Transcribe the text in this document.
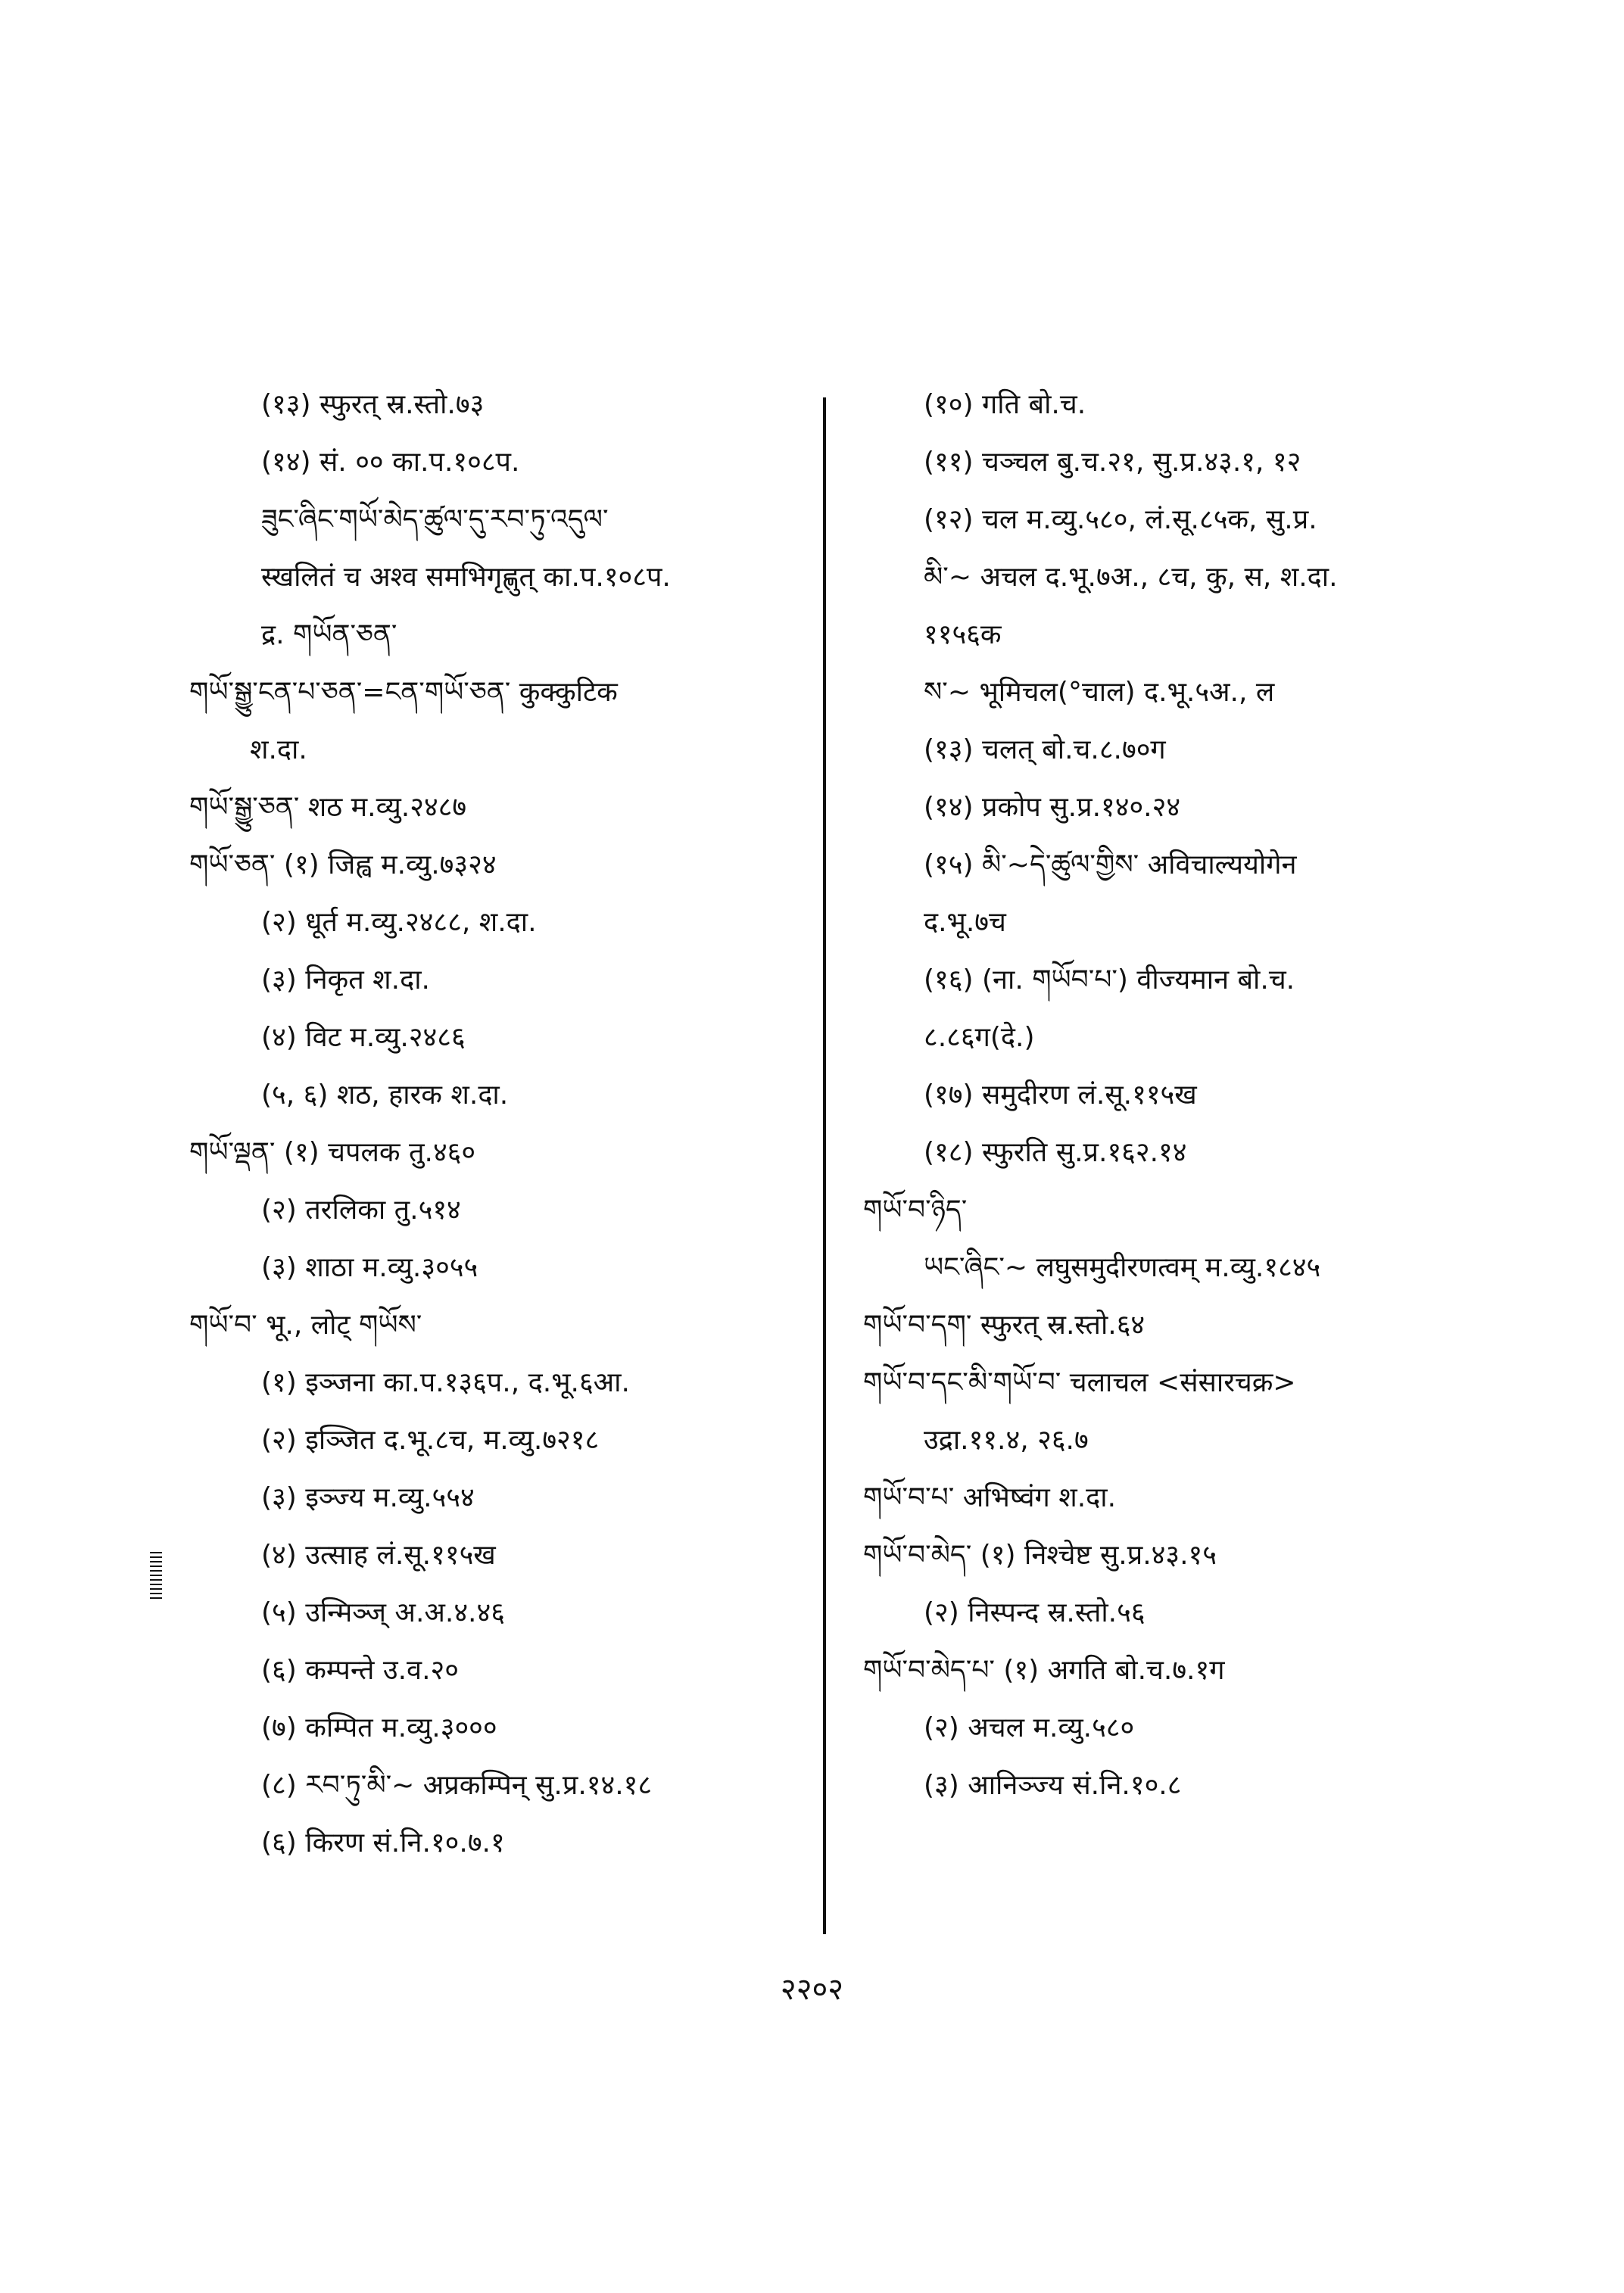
(१३) स्फुरत् स्र.स्तो.७३
(१४) सं. ०० का.प.१०८प.
ཟུང་ཞིང་གཡོ་མེད་ཚུལ་དུ་རབ་ཏུ་འདུལ་
स्खलितं च अश्व समभिगृह्णुत् का.प.१०८प.
द्र. གཡོན་ཅན་
གཡོ་སྒྱུ་ངན་པ་ཅན་=ངན་གཡོ་ཅན་ कुक्कुटिक
श.दा.
གཡོ་སྒྱུ་ཅན་ शठ म.व्यु.२४८७
གཡོ་ཅན་ (१) जिह्व म.व्यु.७३२४
(२) धूर्त म.व्यु.२४८८, श.दा.
(३) निकृत श.दा.
(४) विट म.व्यु.२४८६
(५, ६) शठ, हारक श.दा.
གཡོ་ལྡན་ (१) चपलक तु.४६०
(२) तरलिका तु.५१४
(३) शाठा म.व्यु.३०५५
གཡོ་བ་ भू., लोट् གཡོས་
(१) इञ्जना का.प.१३६प., द.भू.६आ.
(२) इञ्जित द.भू.८च, म.व्यु.७२१८
(३) इञ्ज्य म.व्यु.५५४
(४) उत्साह लं.सू.११५ख
(५) उन्मिञ्ज् अ.अ.४.४६
(६) कम्पन्ते उ.व.२०
(७) कम्पित म.व्यु.३०००
(८) རབ་ཏུ་མི་~ अप्रकम्पिन् सु.प्र.१४.१८
(६) किरण सं.नि.१०.७.१
(१०) गति बो.च.
(११) चञ्चल बु.च.२१, सु.प्र.४३.१, १२
(१२) चल म.व्यु.५८०, लं.सू.८५क, सु.प्र.
མི་~ अचल द.भू.७अ., ८च, कु, स, श.दा.
११५६क
ས་~ भूमिचल(°चाल) द.भू.५अ., ल
(१३) चलत् बो.च.८.७०ग
(१४) प्रकोप सु.प्र.१४०.२४
(१५) མི་~དེ་ཚུལ་གྱིས་ अविचाल्ययोगेन
द.भू.७च
(१६) (ना. གཡོབ་པ་) वीज्यमान बो.च.
८.८६ग(दे.)
(१७) समुदीरण लं.सू.११५ख
(१८) स्फुरति सु.प्र.१६२.१४
གཡོ་བ་ཉིད་
ཡང་ཞིང་~ लघुसमुदीरणत्वम् म.व्यु.१८४५
གཡོ་བ་དག་ स्फुरत् स्र.स्तो.६४
གཡོ་བ་དང་མི་གཡོ་བ་ चलाचल <संसारचक्र>
उद्रा.११.४, २६.७
གཡོ་བ་པ་ अभिष्वंग श.दा.
གཡོ་བ་མེད་ (१) निश्चेष्ट सु.प्र.४३.१५
(२) निस्पन्द स्र.स्तो.५६
གཡོ་བ་མེད་པ་ (१) अगति बो.च.७.१ग
(२) अचल म.व्यु.५८०
(३) आनिञ्ज्य सं.नि.१०.८
२२०२
